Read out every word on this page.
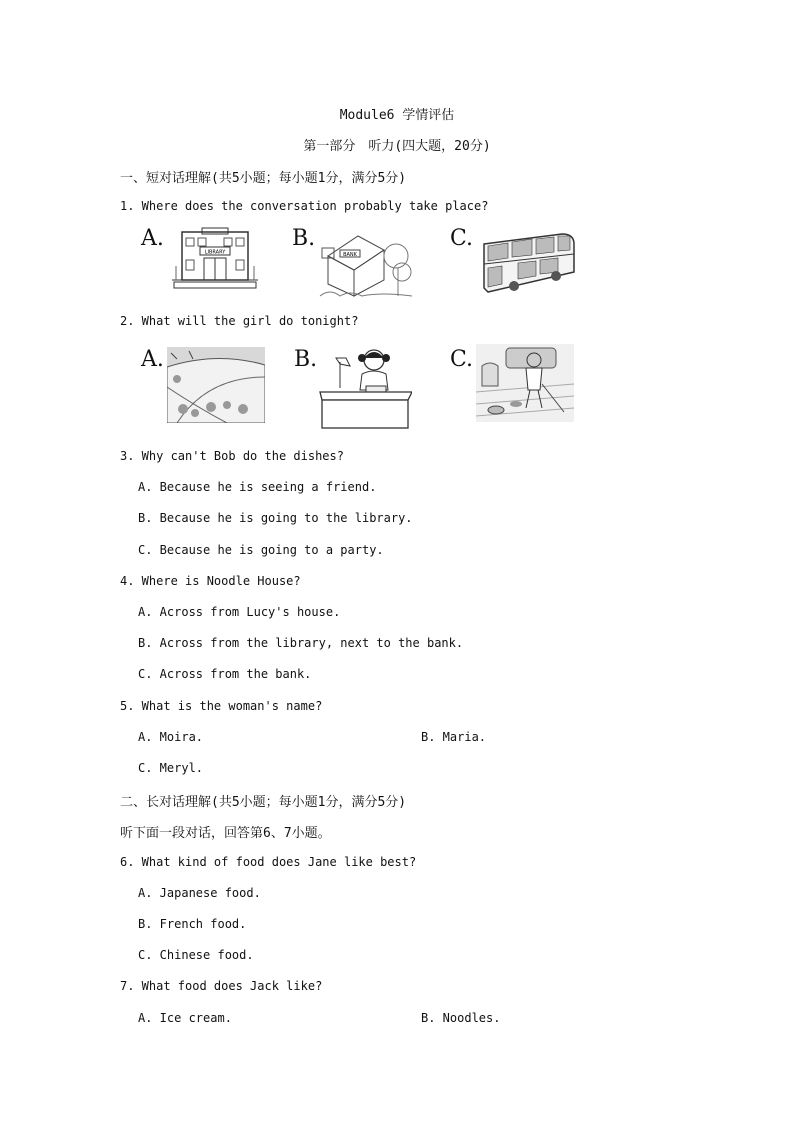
Module6 学情评估
第一部分　听力(四大题，20分)
一、短对话理解(共5小题；每小题1分，满分5分)
1. Where does the conversation probably take place?
A.
LIBRARY
B.
BANK
C.
2. What will the girl do tonight?
A.	B.	C.
3. Why can't Bob do the dishes?
A. Because he is seeing a friend.
B. Because he is going to the library.
C. Because he is going to a party.
4. Where is Noodle House?
A. Across from Lucy's house.
B. Across from the library, next to the bank.
C. Across from the bank.
5. What is the woman's name?
A. Moira.	B. Maria.
C. Meryl.
二、长对话理解(共5小题；每小题1分，满分5分)
听下面一段对话，回答第6、7小题。
6. What kind of food does Jane like best?
A. Japanese food.
B. French food.
C. Chinese food.
7. What food does Jack like?
A. Ice cream.	B. Noodles.
